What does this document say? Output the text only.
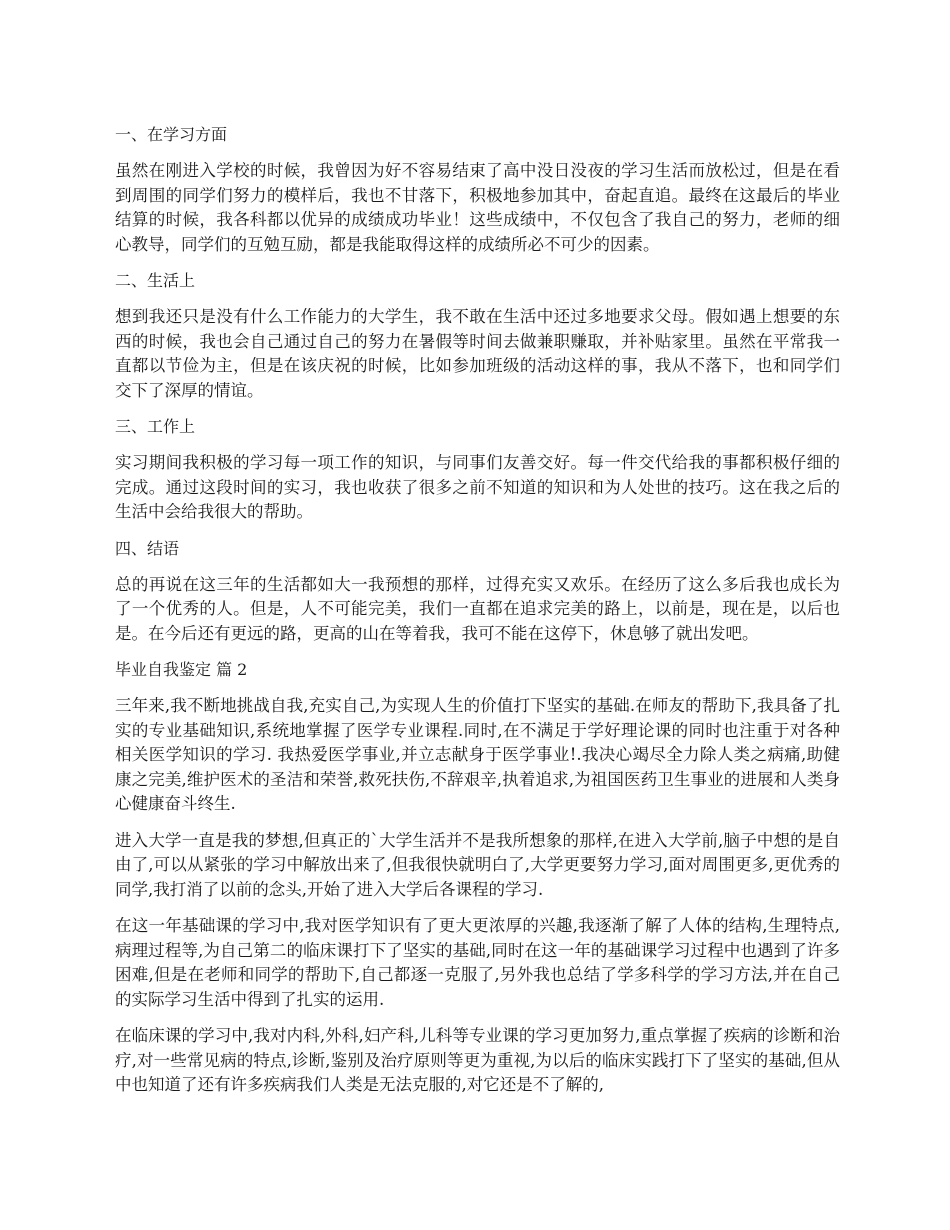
一、在学习方面

虽然在刚进入学校的时候，我曾因为好不容易结束了高中没日没夜的学习生活而放松过，但是在看到周围的同学们努力的模样后，我也不甘落下，积极地参加其中，奋起直追。最终在这最后的毕业结算的时候，我各科都以优异的成绩成功毕业！这些成绩中，不仅包含了我自己的努力，老师的细心教导，同学们的互勉互励，都是我能取得这样的成绩所必不可少的因素。

二、生活上

想到我还只是没有什么工作能力的大学生，我不敢在生活中还过多地要求父母。假如遇上想要的东西的时候，我也会自己通过自己的努力在暑假等时间去做兼职赚取，并补贴家里。虽然在平常我一直都以节俭为主，但是在该庆祝的时候，比如参加班级的活动这样的事，我从不落下，也和同学们交下了深厚的情谊。

三、工作上

实习期间我积极的学习每一项工作的知识，与同事们友善交好。每一件交代给我的事都积极仔细的完成。通过这段时间的实习，我也收获了很多之前不知道的知识和为人处世的技巧。这在我之后的生活中会给我很大的帮助。

四、结语

总的再说在这三年的生活都如大一我预想的那样，过得充实又欢乐。在经历了这么多后我也成长为了一个优秀的人。但是，人不可能完美，我们一直都在追求完美的路上，以前是，现在是，以后也是。在今后还有更远的路，更高的山在等着我，我可不能在这停下，休息够了就出发吧。

毕业自我鉴定 篇 2

三年来,我不断地挑战自我,充实自己,为实现人生的价值打下坚实的基础.在师友的帮助下,我具备了扎实的专业基础知识,系统地掌握了医学专业课程.同时,在不满足于学好理论课的同时也注重于对各种相关医学知识的学习. 我热爱医学事业,并立志献身于医学事业!.我决心竭尽全力除人类之病痛,助健康之完美,维护医术的圣洁和荣誉,救死扶伤,不辞艰辛,执着追求,为祖国医药卫生事业的进展和人类身心健康奋斗终生.

进入大学一直是我的梦想,但真正的`大学生活并不是我所想象的那样,在进入大学前,脑子中想的是自由了,可以从紧张的学习中解放出来了,但我很快就明白了,大学更要努力学习,面对周围更多,更优秀的同学,我打消了以前的念头,开始了进入大学后各课程的学习.

在这一年基础课的学习中,我对医学知识有了更大更浓厚的兴趣,我逐渐了解了人体的结构,生理特点,病理过程等,为自己第二的临床课打下了坚实的基础,同时在这一年的基础课学习过程中也遇到了许多困难,但是在老师和同学的帮助下,自己都逐一克服了,另外我也总结了学多科学的学习方法,并在自己的实际学习生活中得到了扎实的运用.

在临床课的学习中,我对内科,外科,妇产科,儿科等专业课的学习更加努力,重点掌握了疾病的诊断和治疗,对一些常见病的特点,诊断,鉴别及治疗原则等更为重视,为以后的临床实践打下了坚实的基础,但从中也知道了还有许多疾病我们人类是无法克服的,对它还是不了解的,
